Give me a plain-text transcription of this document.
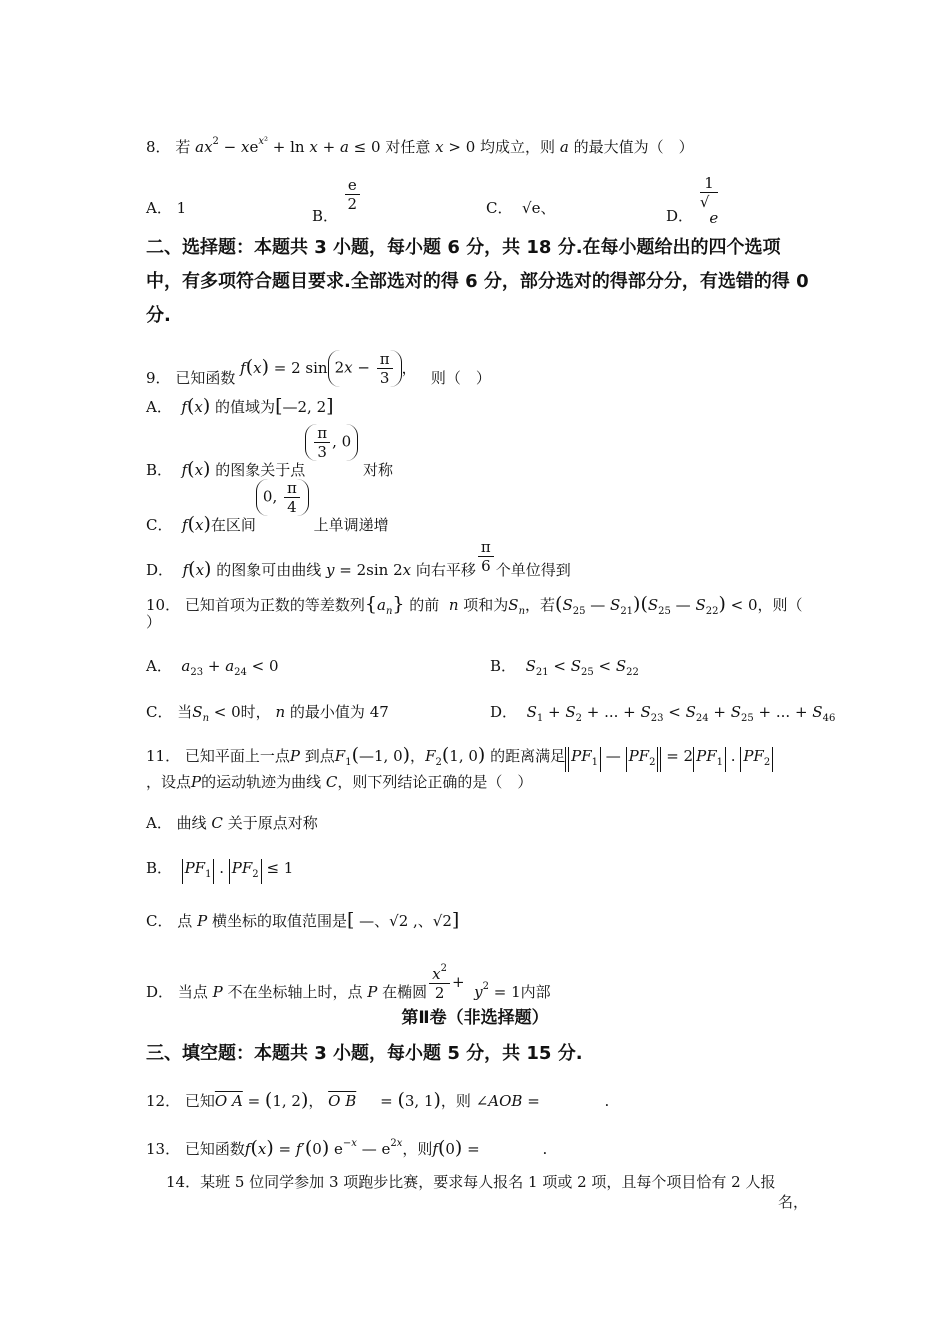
8． 若 $ax^2 - xe^{x^2} + \ln x + a \le 0$ 对任意 x > 0 均成立，则 a 的最大值为（　）
A． 1	B．
$\frac{e}{2}$	C．  √e、	D．
$\frac{1}{√e}$
二、选择题：本题共 3 小题，每小题 6 分，共 18 分.在每小题给出的四个选项中，有多项符合题目要求.全部选对的得 6 分，部分选对的得部分分，有选错的得 0 分.
9． 已知函数 f(x) = 2 $\sin 2x - \frac{\pi}{3}$ ，   则（　）
A． f(x) 的值域为[—2, 2]
B． f(x) 的图象关于点
$\frac{\pi}{3}$ , 0 对称
C． f(x)在区间0, $\frac{\pi}{4}$
上单调递增
D． f(x) 的图象可由曲线 y = 2sin 2x 向右平移 $\frac{\pi}{6}$ 个单位得到
10． 已知首项为正数的等差数列$\{a_n\}$ 的前 n 项和为$S_n$，若($S_{25}$ — $S_{21})(S_{25}$ — $S_{22}) < 0$，则（
）
A． $a_{23} + a_{24} < 0$	B． $S_{21} < S_{25} < S_{22}$
C． 当$S_n < 0$时， n 的最小值为 47	D． $S_1 + S_2$ + ... + $S_{23} < S_{24} + S_{25}$ + ... + $S_{46}$
11． 已知平面上一点P 到点$F_1(—1$, 0)，$F_2(1$, 0) 的距离满足 $PF_1$ — $PF_2 = 2$ $PF_1$ . $PF_2$
，设点P的运动轨迹为曲线 C，则下列结论正确的是（　）
A． 曲线 C 关于原点对称
B． $PF_1$ . $PF_2 \le 1$
C． 点 P 横坐标的取值范围是[ —、√2 ,、√2]
D． 当点 P 不在坐标轴上时，点 P 在椭圆 $\frac{x^2}{2} + y^2 = 1$内部
第Ⅱ卷（非选择题）
三、填空题：本题共 3 小题，每小题 5 分，共 15 分.
12． 已知O A = (1, 2)， O B     = (3, 1)，则 ∠AOB =	.
13． 已知函数f(x) = f′(0) $e^{-x}$ — $e^{2x}$，则f(0) =	.
14．某班 5 位同学参加 3 项跑步比赛，要求每人报名 1 项或 2 项，且每个项目恰有 2 人报
名，
